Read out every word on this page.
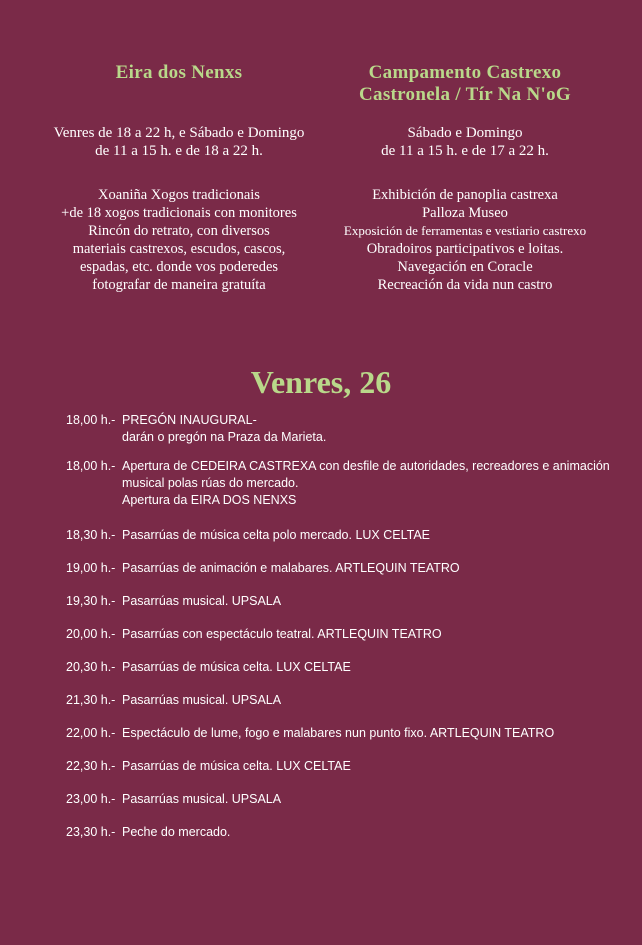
Eira dos Nenxs
Venres de 18 a 22 h, e Sábado e Domingo
de 11 a 15 h. e de 18 a 22 h.
Xoaniña Xogos tradicionais
+de 18 xogos tradicionais con monitores
Rincón do retrato, con diversos
materiais castrexos, escudos, cascos,
espadas, etc. donde vos poderedes
fotografar de maneira gratuíta
Campamento Castrexo
Castronela / Tír Na N'oG
Sábado e Domingo
de 11 a 15 h. e de 17 a 22 h.
Exhibición de panoplia castrexa
Palloza Museo
Exposición de ferramentas e vestiario castrexo
Obradoiros participativos e loitas.
Navegación en Coracle
Recreación da vida nun castro
Venres, 26
18,00 h.- PREGÓN INAUGURAL-
darán o pregón na Praza da Marieta.
18,00 h.- Apertura de CEDEIRA CASTREXA con desfile de autoridades, recreadores e animación
musical polas rúas do mercado.
Apertura da EIRA DOS NENXS
18,30 h.- Pasarrúas de música celta polo mercado. LUX CELTAE
19,00 h.- Pasarrúas de animación e malabares. ARTLEQUIN TEATRO
19,30 h.- Pasarrúas musical. UPSALA
20,00 h.- Pasarrúas con espectáculo teatral. ARTLEQUIN TEATRO
20,30 h.- Pasarrúas de música celta. LUX CELTAE
21,30 h.- Pasarrúas musical. UPSALA
22,00 h.- Espectáculo de lume, fogo e malabares nun punto fixo. ARTLEQUIN TEATRO
22,30 h.- Pasarrúas de música celta. LUX CELTAE
23,00 h.- Pasarrúas musical. UPSALA
23,30 h.- Peche do mercado.
